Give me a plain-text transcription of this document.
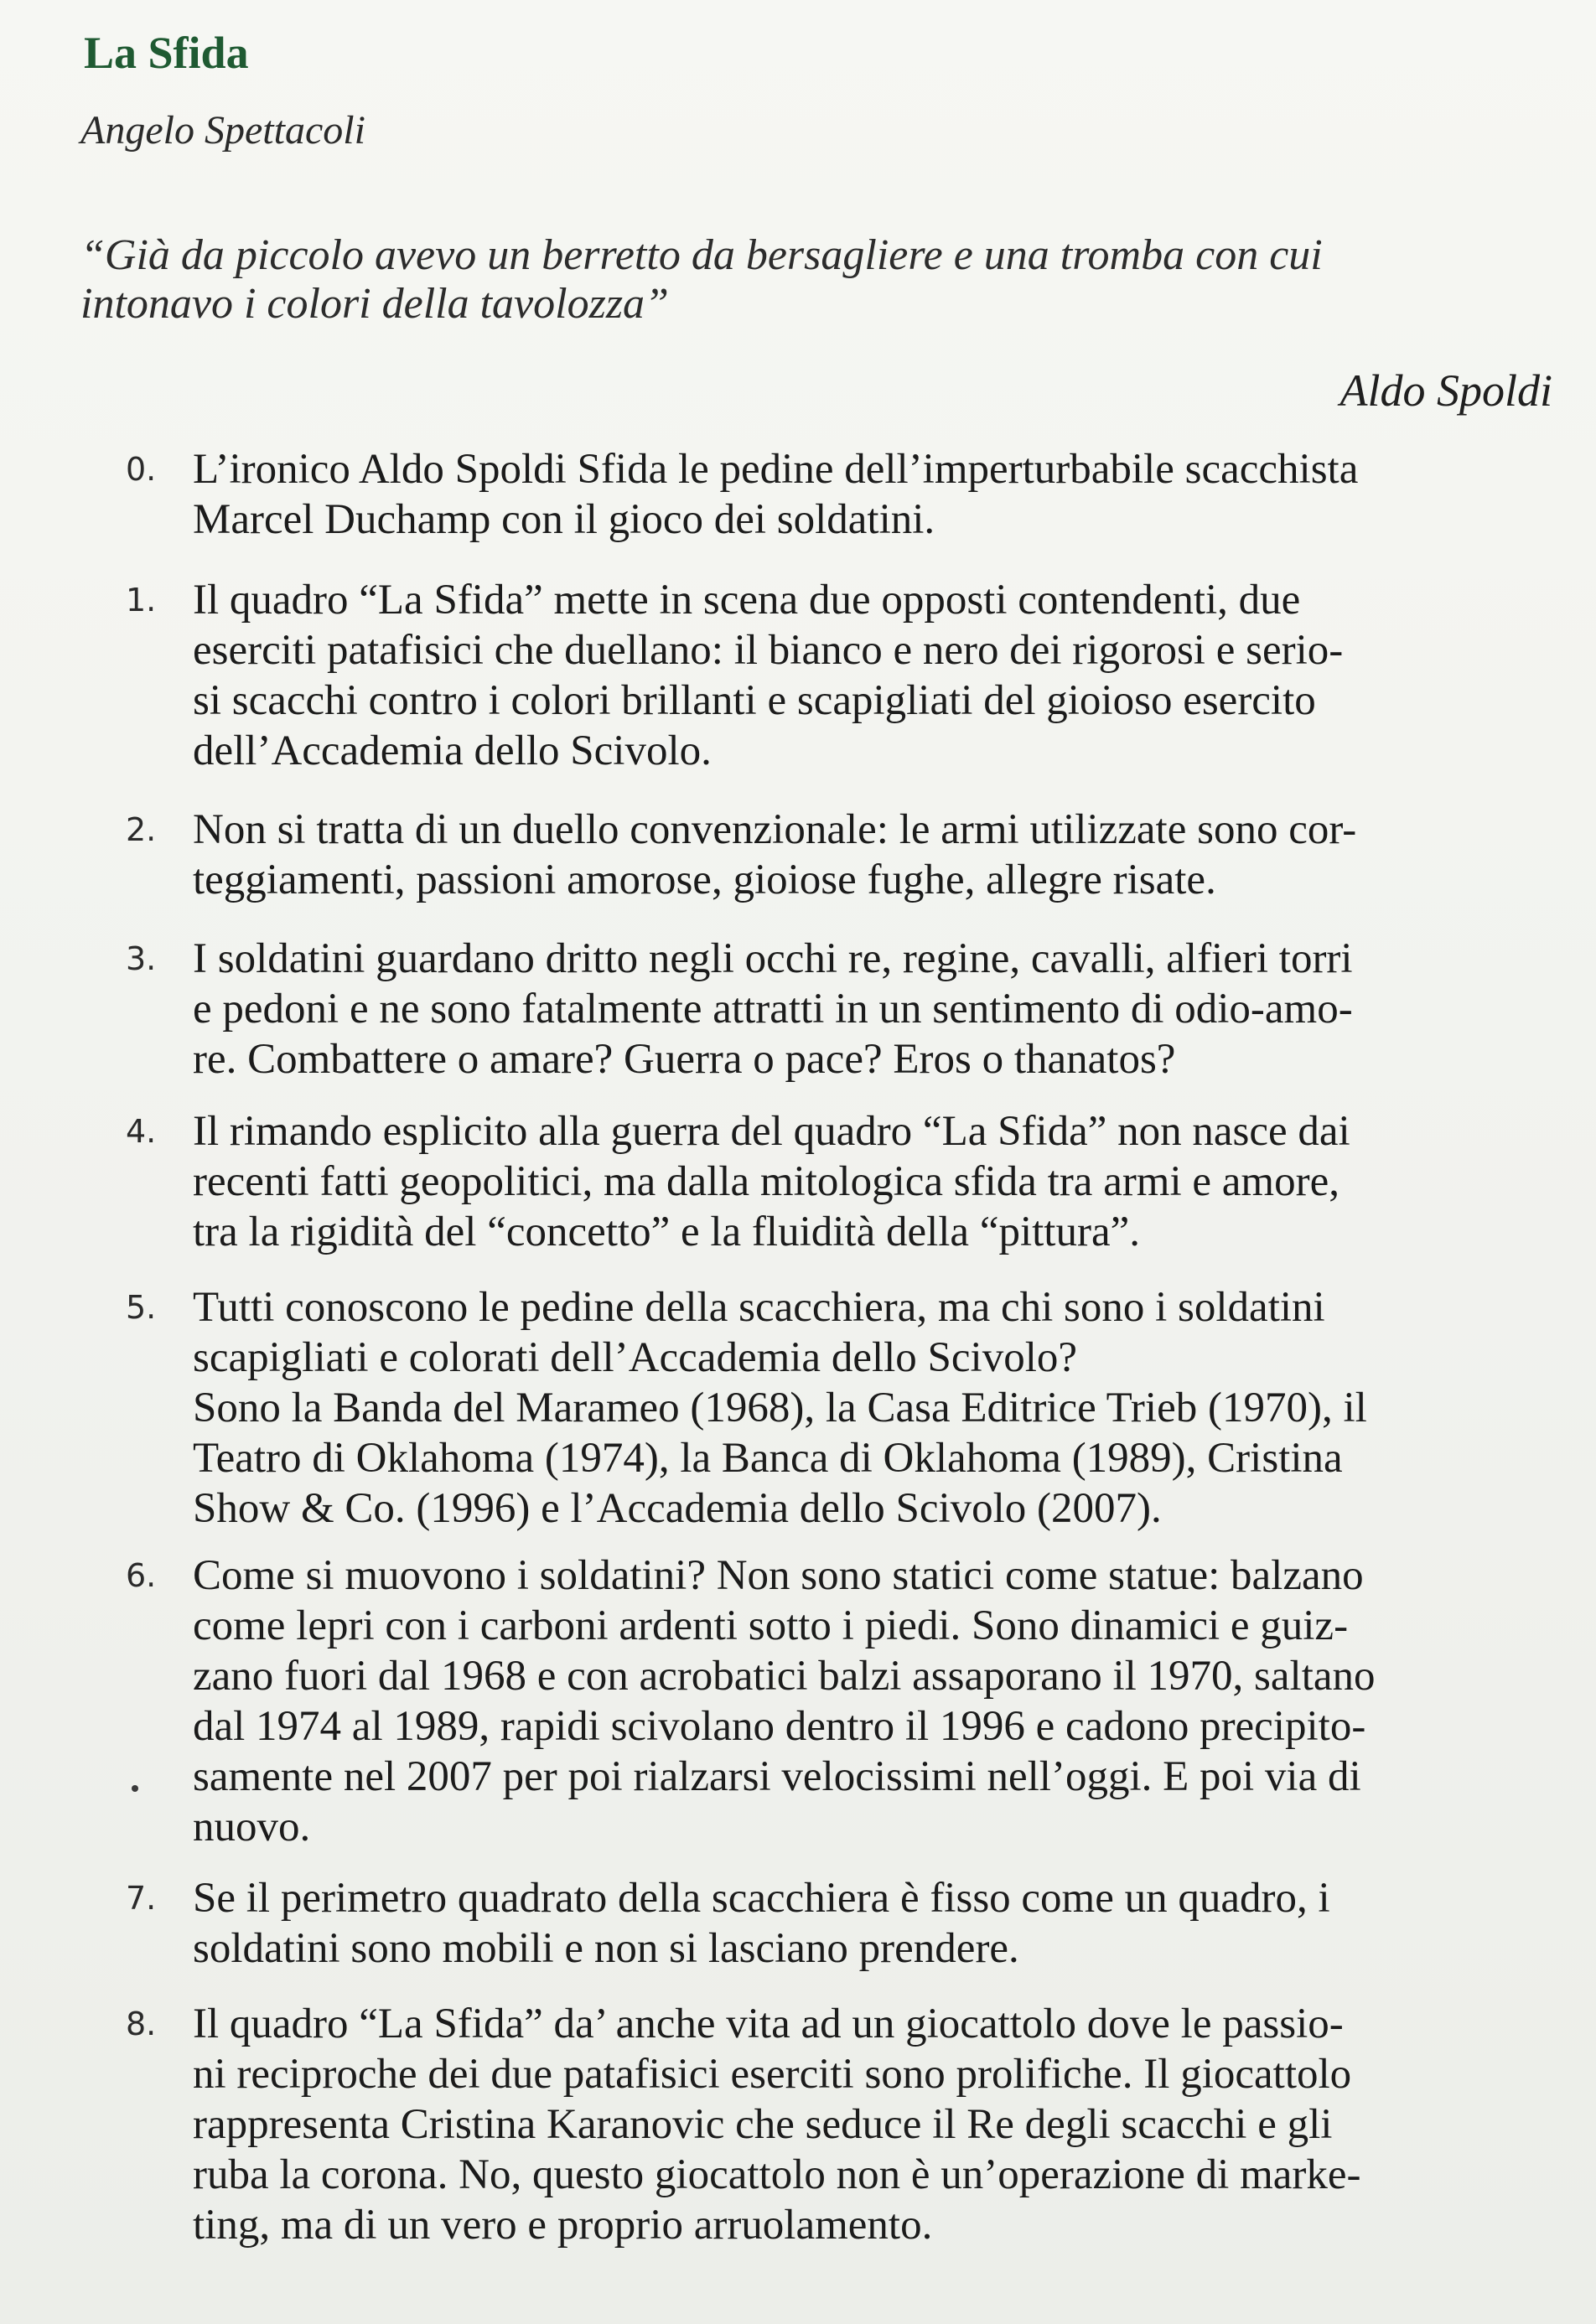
La Sfida

Angelo Spettacoli

“Già da piccolo avevo un berretto da bersagliere e una tromba con cui
intonavo i colori della tavolozza”

Aldo Spoldi

0. L’ironico Aldo Spoldi Sfida le pedine dell’imperturbabile scacchista
Marcel Duchamp con il gioco dei soldatini.
1. Il quadro “La Sfida” mette in scena due opposti contendenti, due
eserciti patafisici che duellano: il bianco e nero dei rigorosi e serio-
si scacchi contro i colori brillanti e scapigliati del gioioso esercito
dell’Accademia dello Scivolo.
2. Non si tratta di un duello convenzionale: le armi utilizzate sono cor-
teggiamenti, passioni amorose, gioiose fughe, allegre risate.
3. I soldatini guardano dritto negli occhi re, regine, cavalli, alfieri torri
e pedoni e ne sono fatalmente attratti in un sentimento di odio-amo-
re. Combattere o amare? Guerra o pace? Eros o thanatos?
4. Il rimando esplicito alla guerra del quadro “La Sfida” non nasce dai
recenti fatti geopolitici, ma dalla mitologica sfida tra armi e amore,
tra la rigidità del “concetto” e la fluidità della “pittura”.
5. Tutti conoscono le pedine della scacchiera, ma chi sono i soldatini
scapigliati e colorati dell’Accademia dello Scivolo?
Sono la Banda del Marameo (1968), la Casa Editrice Trieb (1970), il
Teatro di Oklahoma (1974), la Banca di Oklahoma (1989), Cristina
Show & Co. (1996) e l’Accademia dello Scivolo (2007).
6. Come si muovono i soldatini? Non sono statici come statue: balzano
come lepri con i carboni ardenti sotto i piedi. Sono dinamici e guiz-
zano fuori dal 1968 e con acrobatici balzi assaporano il 1970, saltano
dal 1974 al 1989, rapidi scivolano dentro il 1996 e cadono precipito-
samente nel 2007 per poi rialzarsi velocissimi nell’oggi. E poi via di
nuovo.
7. Se il perimetro quadrato della scacchiera è fisso come un quadro, i
soldatini sono mobili e non si lasciano prendere.
8. Il quadro “La Sfida” da’ anche vita ad un giocattolo dove le passio-
ni reciproche dei due patafisici eserciti sono prolifiche. Il giocattolo
rappresenta Cristina Karanovic che seduce il Re degli scacchi e gli
ruba la corona. No, questo giocattolo non è un’operazione di marke-
ting, ma di un vero e proprio arruolamento.
